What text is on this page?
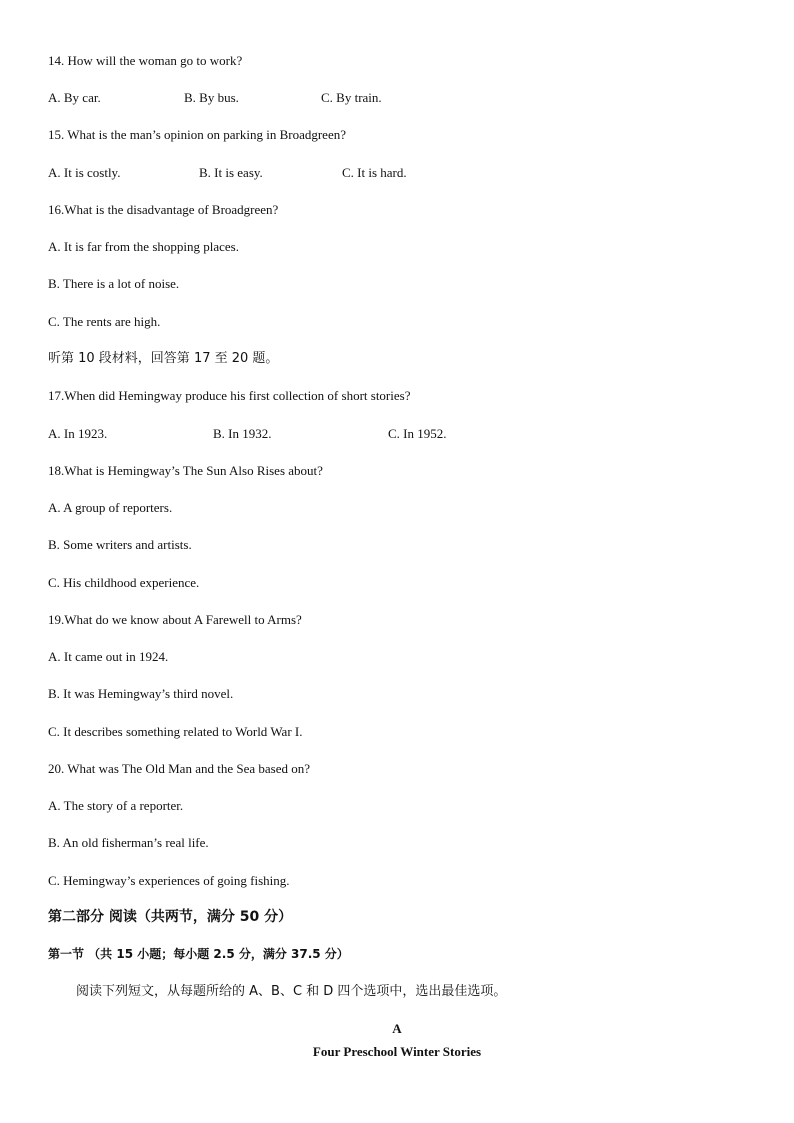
14. How will the woman go to work?
A. By car.	B. By bus.	C. By train.
15. What is the man’s opinion on parking in Broadgreen?
A. It is costly.	B. It is easy.	C. It is hard.
16.What is the disadvantage of Broadgreen?
A. It is far from the shopping places.
B. There is a lot of noise.
C. The rents are high.
听第 10 段材料，回答第 17 至 20 题。
17.When did Hemingway produce his first collection of short stories?
A. In 1923.	B. In 1932.	C. In 1952.
18.What is Hemingway’s The Sun Also Rises about?
A. A group of reporters.
B. Some writers and artists.
C. His childhood experience.
19.What do we know about A Farewell to Arms?
A. It came out in 1924.
B. It was Hemingway’s third novel.
C. It describes something related to World War I.
20. What was The Old Man and the Sea based on?
A. The story of a reporter.
B. An old fisherman’s real life.
C. Hemingway’s experiences of going fishing.
第二部分 阅读（共两节，满分 50 分）
第一节 （共 15 小题；每小题 2.5 分，满分 37.5 分）
阅读下列短文，从每题所给的 A、B、C 和 D 四个选项中，选出最佳选项。
A
Four Preschool Winter Stories
